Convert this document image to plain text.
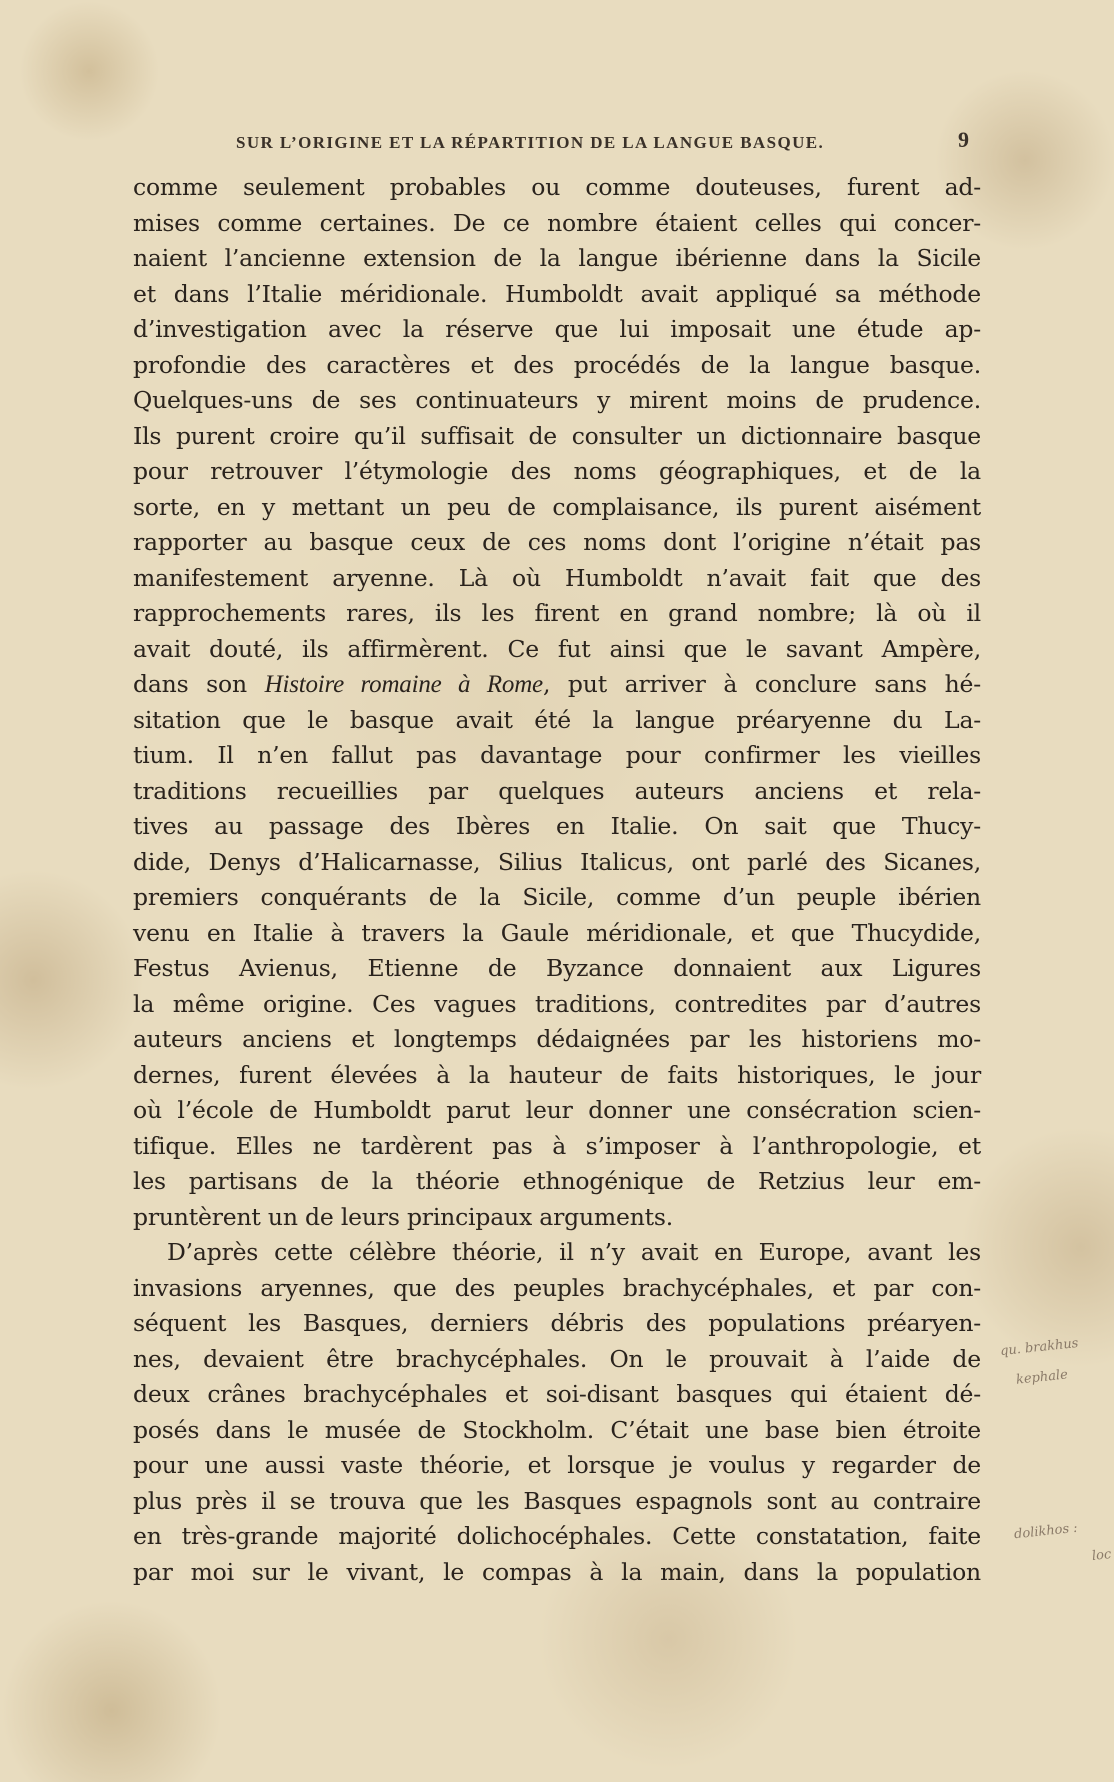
SUR L’ORIGINE ET LA RÉPARTITION DE LA LANGUE BASQUE.	9
comme seulement probables ou comme douteuses, furent ad-
mises comme certaines. De ce nombre étaient celles qui concer-
naient l’ancienne extension de la langue ibérienne dans la Sicile
et dans l’Italie méridionale. Humboldt avait appliqué sa méthode
d’investigation avec la réserve que lui imposait une étude ap-
profondie des caractères et des procédés de la langue basque.
Quelques-uns de ses continuateurs y mirent moins de prudence.
Ils purent croire qu’il suffisait de consulter un dictionnaire basque
pour retrouver l’étymologie des noms géographiques, et de la
sorte, en y mettant un peu de complaisance, ils purent aisément
rapporter au basque ceux de ces noms dont l’origine n’était pas
manifestement aryenne. Là où Humboldt n’avait fait que des
rapprochements rares, ils les firent en grand nombre; là où il
avait douté, ils affirmèrent. Ce fut ainsi que le savant Ampère,
dans son Histoire romaine à Rome, put arriver à conclure sans hé-
sitation que le basque avait été la langue préaryenne du La-
tium. Il n’en fallut pas davantage pour confirmer les vieilles
traditions recueillies par quelques auteurs anciens et rela-
tives au passage des Ibères en Italie. On sait que Thucy-
dide, Denys d’Halicarnasse, Silius Italicus, ont parlé des Sicanes,
premiers conquérants de la Sicile, comme d’un peuple ibérien
venu en Italie à travers la Gaule méridionale, et que Thucydide,
Festus Avienus, Etienne de Byzance donnaient aux Ligures
la même origine. Ces vagues traditions, contredites par d’autres
auteurs anciens et longtemps dédaignées par les historiens mo-
dernes, furent élevées à la hauteur de faits historiques, le jour
où l’école de Humboldt parut leur donner une consécration scien-
tifique. Elles ne tardèrent pas à s’imposer à l’anthropologie, et
les partisans de la théorie ethnogénique de Retzius leur em-
pruntèrent un de leurs principaux arguments.
D’après cette célèbre théorie, il n’y avait en Europe, avant les
invasions aryennes, que des peuples brachycéphales, et par con-
séquent les Basques, derniers débris des populations préaryen-
nes, devaient être brachycéphales. On le prouvait à l’aide de
deux crânes brachycéphales et soi-disant basques qui étaient dé-
posés dans le musée de Stockholm. C’était une base bien étroite
pour une aussi vaste théorie, et lorsque je voulus y regarder de
plus près il se trouva que les Basques espagnols sont au contraire
en très-grande majorité dolichocéphales. Cette constatation, faite
par moi sur le vivant, le compas à la main, dans la population
qu. brakhus
kephale
dolikhos :
loc
